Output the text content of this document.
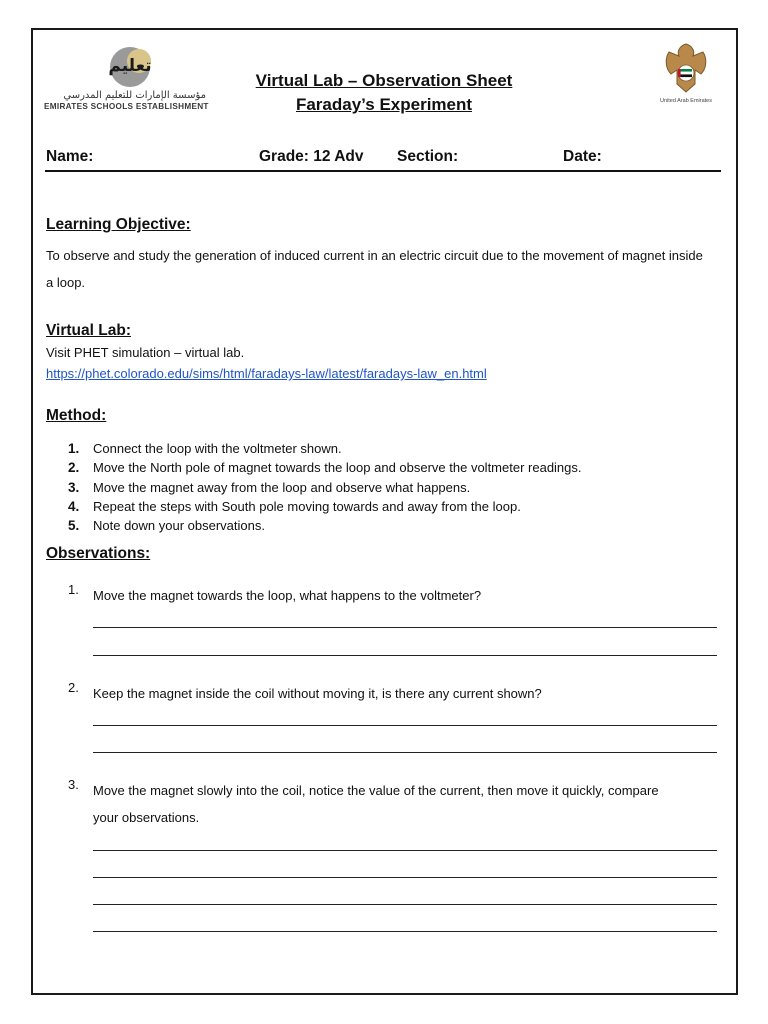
تعليم
مؤسسة الإمارات للتعليم المدرسي
EMIRATES SCHOOLS ESTABLISHMENT
Virtual Lab – Observation Sheet
Faraday’s Experiment	United Arab Emirates
Name:	Grade: 12 Adv Section:	Date:
Learning Objective:
To observe and study the generation of induced current in an electric circuit due to the movement of magnet inside a loop.
Virtual Lab:
Visit PHET simulation – virtual lab.
https://phet.colorado.edu/sims/html/faradays-law/latest/faradays-law_en.html
Method:
1.	Connect the loop with the voltmeter shown.
2.	Move the North pole of magnet towards the loop and observe the voltmeter readings.
3.	Move the magnet away from the loop and observe what happens.
4.	Repeat the steps with South pole moving towards and away from the loop.
5.	Note down your observations.
Observations:
1.	Move the magnet towards the loop, what happens to the voltmeter?
2.	Keep the magnet inside the coil without moving it, is there any current shown?
3.	Move the magnet slowly into the coil, notice the value of the current, then move it quickly, compare your observations.
